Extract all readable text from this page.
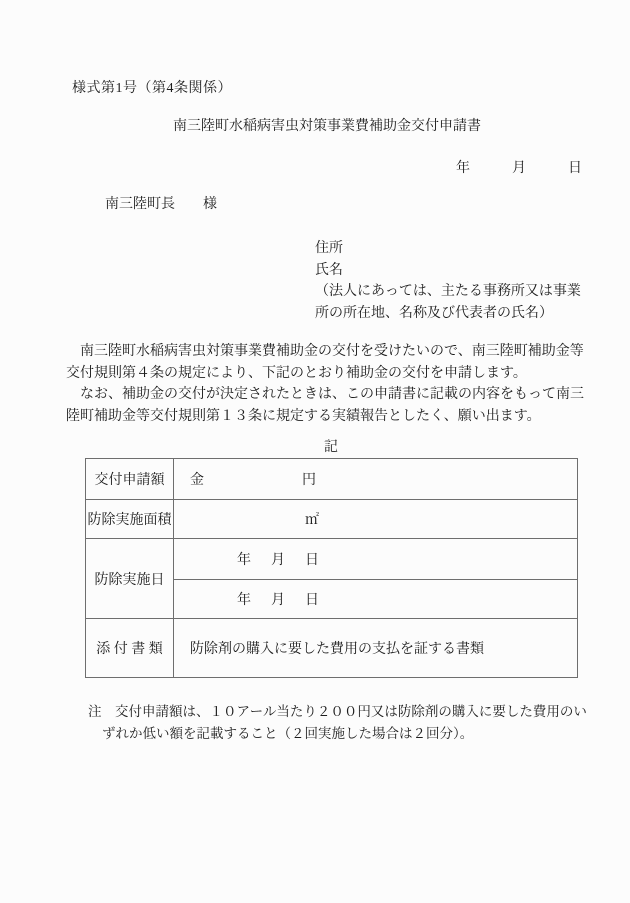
様式第1号（第4条関係）
南三陸町水稲病害虫対策事業費補助金交付申請書
年　　　月　　　日
南三陸町長　　様
住所
氏名
（法人にあっては、主たる事務所又は事業所の所在地、名称及び代表者の氏名）

南三陸町水稲病害虫対策事業費補助金の交付を受けたいので、南三陸町補助金等交付規則第４条の規定により、下記のとおり補助金の交付を申請します。

なお、補助金の交付が決定されたときは、この申請書に記載の内容をもって南三陸町補助金等交付規則第１３条に規定する実績報告としたく、願い出ます。

記
交付申請額	金　　　　　　　円
防除実施面積	㎡
防除実施日	年　月　日
	年　月　日
添 付 書 類	防除剤の購入に要した費用の支払を証する書類
注　交付申請額は、１０アール当たり２００円又は防除剤の購入に要した費用のいずれか低い額を記載すること（２回実施した場合は２回分）。
